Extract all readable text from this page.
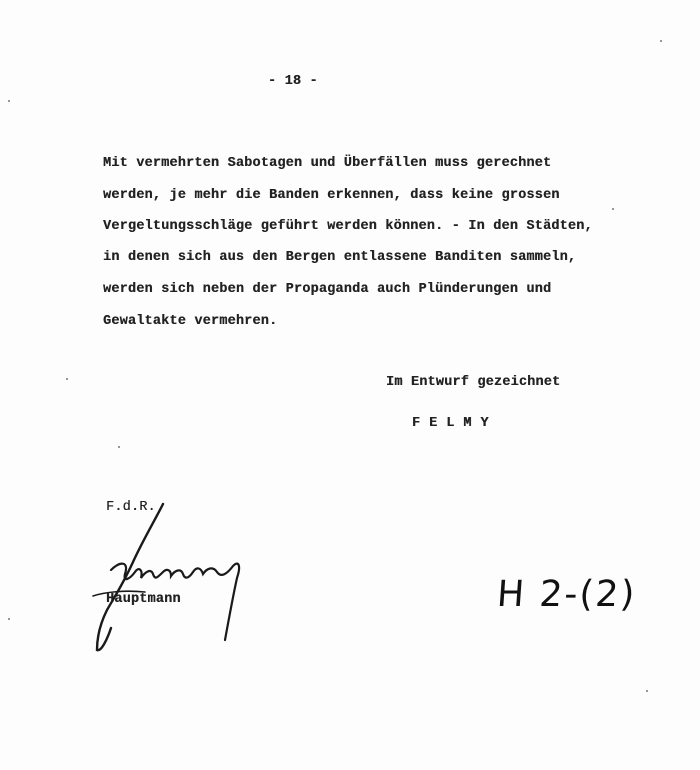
- 18 -
Mit vermehrten Sabotagen und Überfällen muss gerechnet
werden, je mehr die Banden erkennen, dass keine grossen
Vergeltungsschläge geführt werden können. - In den Städten,
in denen sich aus den Bergen entlassene Banditen sammeln,
werden sich neben der Propaganda auch Plünderungen und
Gewaltakte vermehren.
Im Entwurf gezeichnet
FELMY
F.d.R.
Hauptmann	H 2-(2)
